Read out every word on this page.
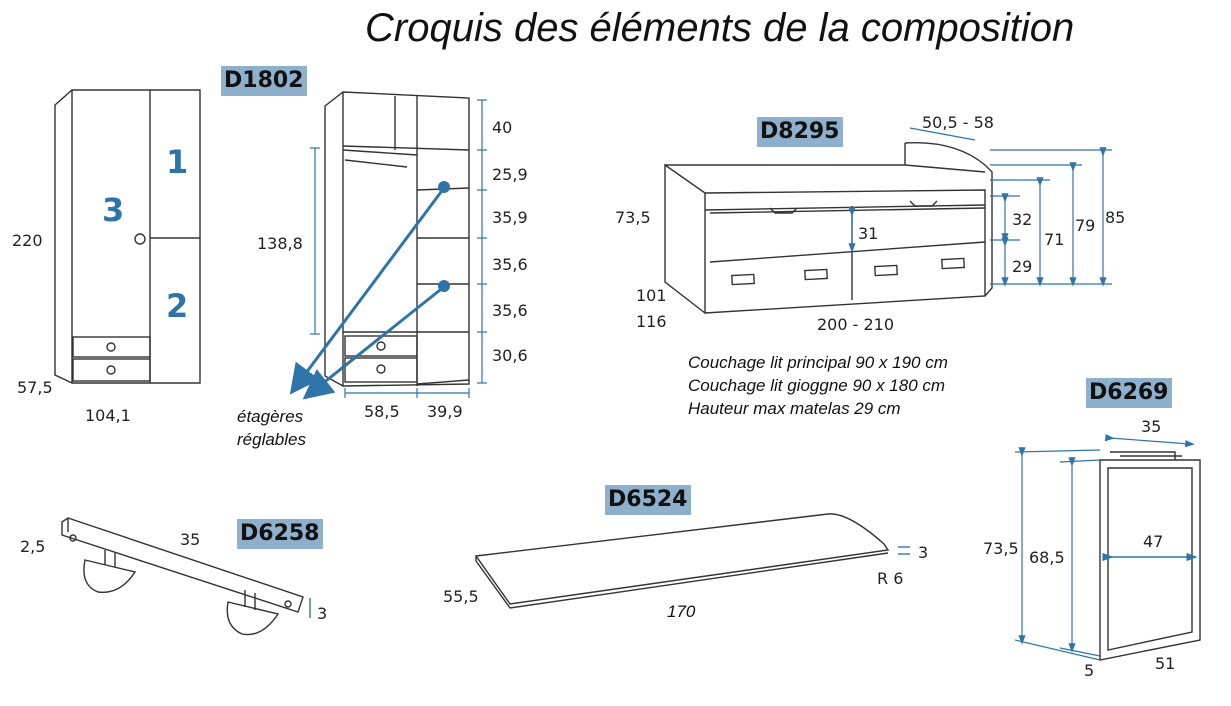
Croquis des éléments de la composition
D1802
D8295
D6269
D6258
D6524
220
57,5
104,1
1
3
2
138,8
40
25,9
35,9
35,6
35,6
30,6
58,5 39,9
étagères
réglables
50,5 - 58
73,5
101
116	200 - 210
31
32
29
71
79 85
Couchage lit principal 90 x 190 cm
Couchage lit gioggne 90 x 180 cm
Hauteur max matelas 29 cm
35
73,5 68,5
47
5	51
2,5	35
3
55,5
170
3
R 6
